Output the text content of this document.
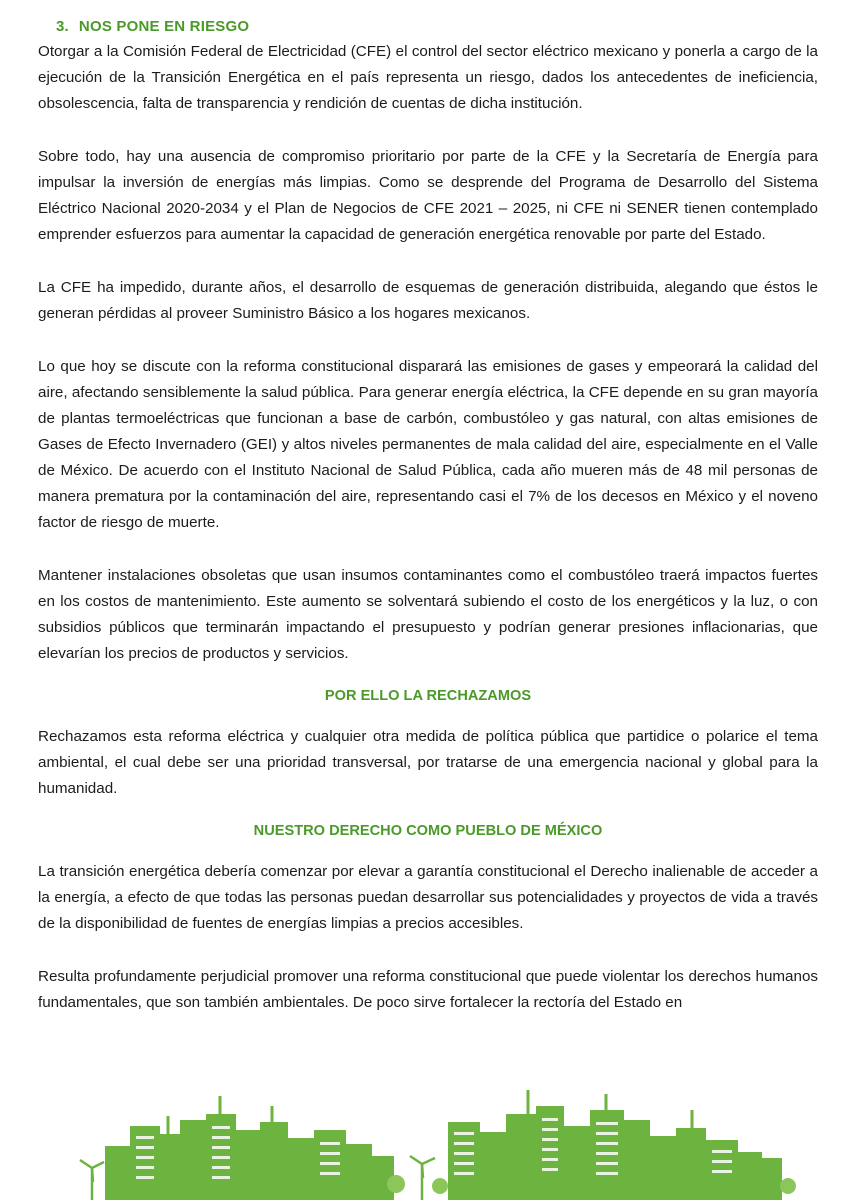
3. NOS PONE EN RIESGO

Otorgar a la Comisión Federal de Electricidad (CFE) el control del sector eléctrico mexicano y ponerla a cargo de la ejecución de la Transición Energética en el país representa un riesgo, dados los antecedentes de ineficiencia, obsolescencia, falta de transparencia y rendición de cuentas de dicha institución.

Sobre todo, hay una ausencia de compromiso prioritario por parte de la CFE y la Secretaría de Energía para impulsar la inversión de energías más limpias. Como se desprende del Programa de Desarrollo del Sistema Eléctrico Nacional 2020-2034 y el Plan de Negocios de CFE 2021 – 2025, ni CFE ni SENER tienen contemplado emprender esfuerzos para aumentar la capacidad de generación energética renovable por parte del Estado.

La CFE ha impedido, durante años, el desarrollo de esquemas de generación distribuida, alegando que éstos le generan pérdidas al proveer Suministro Básico a los hogares mexicanos.

Lo que hoy se discute con la reforma constitucional disparará las emisiones de gases y empeorará la calidad del aire, afectando sensiblemente la salud pública. Para generar energía eléctrica, la CFE depende en su gran mayoría de plantas termoeléctricas que funcionan a base de carbón, combustóleo y gas natural, con altas emisiones de Gases de Efecto Invernadero (GEI) y altos niveles permanentes de mala calidad del aire, especialmente en el Valle de México. De acuerdo con el Instituto Nacional de Salud Pública, cada año mueren más de 48 mil personas de manera prematura por la contaminación del aire, representando casi el 7% de los decesos en México y el noveno factor de riesgo de muerte.

Mantener instalaciones obsoletas que usan insumos contaminantes como el combustóleo traerá impactos fuertes en los costos de mantenimiento. Este aumento se solventará subiendo el costo de los energéticos y la luz, o con subsidios públicos que terminarán impactando el presupuesto y podrían generar presiones inflacionarias, que elevarían los precios de productos y servicios.

POR ELLO LA RECHAZAMOS

Rechazamos esta reforma eléctrica y cualquier otra medida de política pública que partidice o polarice el tema ambiental, el cual debe ser una prioridad transversal, por tratarse de una emergencia nacional y global para la humanidad.

NUESTRO DERECHO COMO PUEBLO DE MÉXICO

La transición energética debería comenzar por elevar a garantía constitucional el Derecho inalienable de acceder a la energía, a efecto de que todas las personas puedan desarrollar sus potencialidades y proyectos de vida a través de la disponibilidad de fuentes de energías limpias a precios accesibles.

Resulta profundamente perjudicial promover una reforma constitucional que puede violentar los derechos humanos fundamentales, que son también ambientales. De poco sirve fortalecer la rectoría del Estado en
